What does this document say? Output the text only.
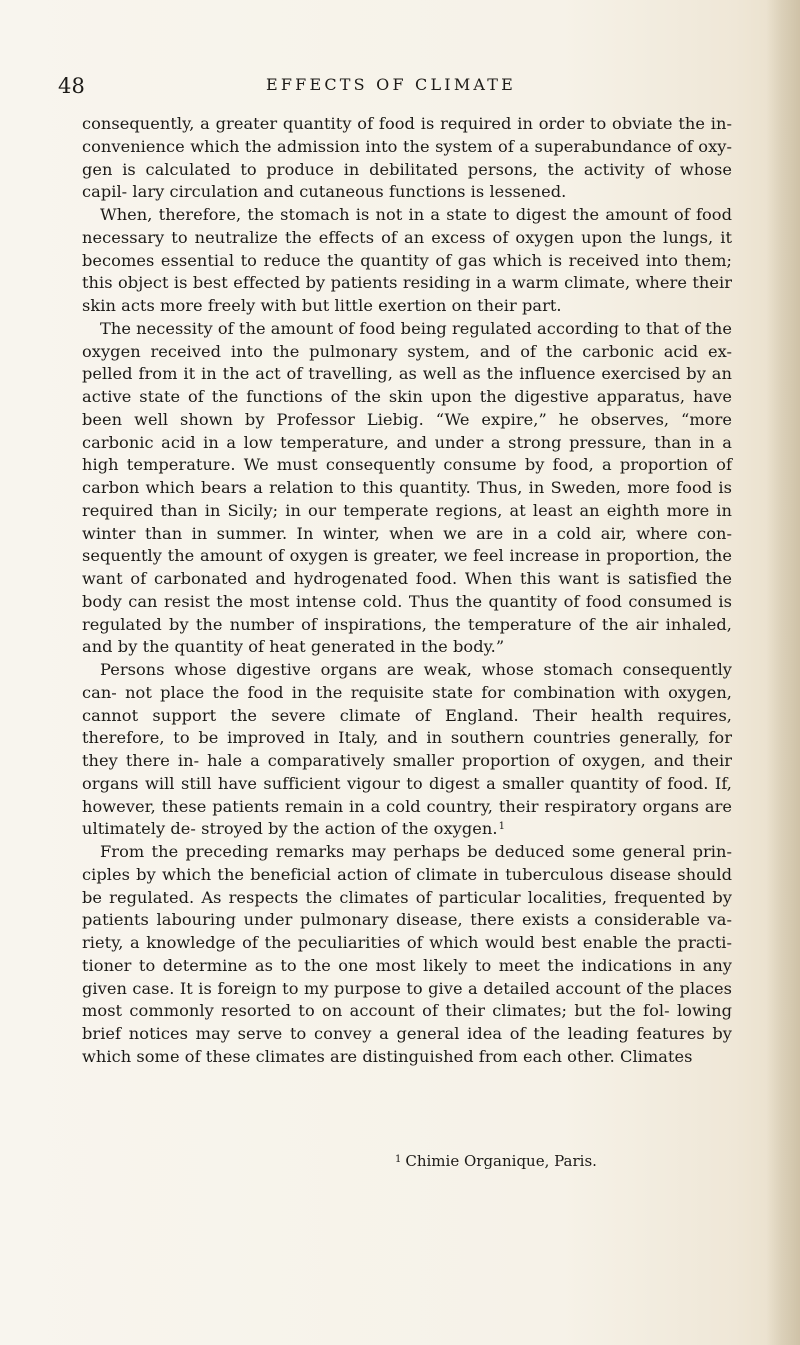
48	EFFECTS OF CLIMATE

consequently, a greater quantity of food is required in order to obviate the in- convenience which the admission into the system of a superabundance of oxy- gen is calculated to produce in debilitated persons, the activity of whose capil- lary circulation and cutaneous functions is lessened.

When, therefore, the stomach is not in a state to digest the amount of food necessary to neutralize the effects of an excess of oxygen upon the lungs, it becomes essential to reduce the quantity of gas which is received into them; this object is best effected by patients residing in a warm climate, where their skin acts more freely with but little exertion on their part.

The necessity of the amount of food being regulated according to that of the oxygen received into the pulmonary system, and of the carbonic acid ex- pelled from it in the act of travelling, as well as the influence exercised by an active state of the functions of the skin upon the digestive apparatus, have been well shown by Professor Liebig. “We expire,” he observes, “more carbonic acid in a low temperature, and under a strong pressure, than in a high temperature. We must consequently consume by food, a proportion of carbon which bears a relation to this quantity. Thus, in Sweden, more food is required than in Sicily; in our temperate regions, at least an eighth more in winter than in summer. In winter, when we are in a cold air, where con- sequently the amount of oxygen is greater, we feel increase in proportion, the want of carbonated and hydrogenated food. When this want is satisfied the body can resist the most intense cold. Thus the quantity of food consumed is regulated by the number of inspirations, the temperature of the air inhaled, and by the quantity of heat generated in the body.”

Persons whose digestive organs are weak, whose stomach consequently can- not place the food in the requisite state for combination with oxygen, cannot support the severe climate of England. Their health requires, therefore, to be improved in Italy, and in southern countries generally, for they there in- hale a comparatively smaller proportion of oxygen, and their organs will still have sufficient vigour to digest a smaller quantity of food. If, however, these patients remain in a cold country, their respiratory organs are ultimately de- stroyed by the action of the oxygen.$^1$

From the preceding remarks may perhaps be deduced some general prin- ciples by which the beneficial action of climate in tuberculous disease should be regulated. As respects the climates of particular localities, frequented by patients labouring under pulmonary disease, there exists a considerable va- riety, a knowledge of the peculiarities of which would best enable the practi- tioner to determine as to the one most likely to meet the indications in any given case. It is foreign to my purpose to give a detailed account of the places most commonly resorted to on account of their climates; but the fol- lowing brief notices may serve to convey a general idea of the leading features by which some of these climates are distinguished from each other. Climates

$^1$ Chimie Organique, Paris.
